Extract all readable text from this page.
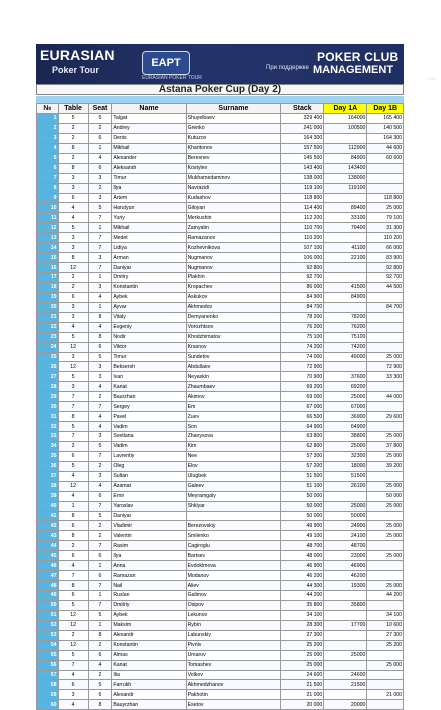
EURASIAN
Poker Tour
EAPT
EURASIAN POKER TOUR
При поддержке
POKER CLUB
MANAGEMENT
.COM
Astana Poker Cup (Day 2)
№	Table	Seat	Name	Surname	Stack	Day 1A	Day 1B
1	5	5	Talgat	Shuyelbaev	329 400	164000	165 400
2	2	2	Andrey	Grenko	241 000	100500	140 500
3	2	6	Denis	Kutuzov	164 300		164 300
4	8	1	Mikhail	Kharitonov	157 500	112900	44 600
5	2	4	Alexander	Beresnev	145 500	84900	60 600
6	8	6	Aleksandr	Kostylev	143 400	143400	
7	3	3	Timur	Mukhamedaminov	138 000	138000	
8	3	2	Ilya	Navrazidi	119 100	119100	
9	6	3	Artem	Kudashov	118 800		118 800
10	4	5	Harutyun	Giloyan	114 400	89400	25 000
11	4	7	Yuriy	Merkushin	112 200	33100	79 100
12	5	1	Mikhail	Zamyatin	110 700	79400	31 300
13	3	7	Medet	Ramazanov	110 200		110 200
14	3	7	Lidiya	Kozhevnikova	107 100	41100	66 000
15	8	3	Arman	Nugmanov	106 000	22100	83 900
16	12	7	Daniyar	Nugmanov	92 800		92 800
17	2	1	Dmitry	Plakhin	92 700		92 700
18	2	3	Konstantin	Kropachev	86 000	41500	44 500
19	6	4	Aybek	Askukov	84 900	84900	
20	3	1	Ayvar	Akhmedov	84 700		84 700
21	3	8	Vitaly	Demyanenko	78 200	78200	
22	4	4	Evgeniy	Vorozhtsov	76 200	76200	
23	5	8	Nodir	Khodzhimatov	75 100	75100	
24	12	6	Viktor	Krasnov	74 200	74200	
25	3	5	Timur	Sundetov	74 000	49000	25 000
26	12	3	Beksersh	Abdullaev	72 900		72 900
27	5	3	Ivan	Neyaskin	70 900	37600	33 300
28	3	4	Kanat	Zhaumbaev	69 200	69200	
29	7	2	Baurzhan	Akimov	69 000	25000	44 000
30	7	7	Sergey	Em	67 000	67000	
31	8	4	Pavel	Zuev	66 500	36900	29 600
32	5	4	Vadim	Son	64 900	64900	
33	7	3	Svetlana	Zhanysova	63 800	38800	25 000
34	2	5	Vadim	Kim	62 800	25000	37 800
35	6	7	Lavrentiy	Nee	57 300	32300	25 000
36	5	2	Oleg	Elov	57 200	18000	39 200
37	4	3	Sultan	Ulugbek	51 500	51500	
38	12	4	Azamat	Galeev	51 100	26100	25 000
39	4	6	Ernir	Meyramgaly	50 000		50 000
40	1	7	Yaroslav	Shklyar	50 000	25000	25 000
41	8	5	Daniyar		50 000	50000	
42	6	2	Vladimir	Berezovskiy	49 900	24900	25 000
43	8	2	Valentin	Smilenko	49 100	24100	25 000
44	2	7	Rasim	Cagiroglu	48 700	48700	
45	6	6	Ilya	Bartsev	48 000	23000	25 000
46	4	1	Anna	Evdokimova	46 900	46900	
47	7	6	Ramazan	Modanov	46 200	46200	
48	8	7	Nail	Aliev	44 300	19300	25 000
49	6	1	Ruslan	Galimov	44 200		44 200
50	5	7	Dmitriy	Osipov	35 800	35800	
51	12	5	Aybek	Lekunov	34 100		34 100
52	12	1	Maksim	Rybin	28 300	17700	10 600
53	2	8	Alexandr	Labunskiy	27 300		27 300
54	12	2	Konstantin	Pivniv	25 200		25 200
55	5	6	Almas	Umarov	25 000	25000	
56	7	4	Kanat	Tomashev	25 000		25 000
57	4	2	Ilia	Volkov	24 600	24600	
58	6	5	Farrukh	Akhmedzhanov	21 500	21500	
59	3	6	Alexandr	Pakhotin	21 000		21 000
60	4	8	Bauyrzhan	Esetov	20 000	20000	
